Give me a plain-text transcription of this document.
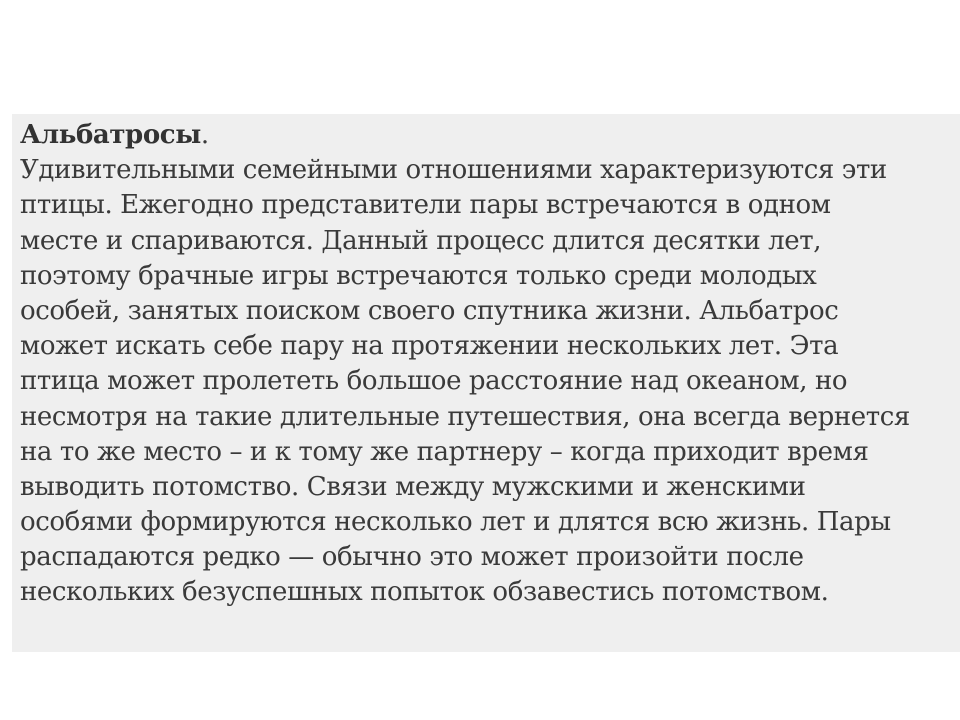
Альбатросы.
Удивительными семейными отношениями характеризуются эти
птицы. Ежегодно представители пары встречаются в одном
месте и спариваются. Данный процесс длится десятки лет,
поэтому брачные игры встречаются только среди молодых
особей, занятых поиском своего спутника жизни. Альбатрос
может искать себе пару на протяжении нескольких лет. Эта
птица может пролететь большое расстояние над океаном, но
несмотря на такие длительные путешествия, она всегда вернется
на то же место – и к тому же партнеру – когда приходит время
выводить потомство. Связи между мужскими и женскими
особями формируются несколько лет и длятся всю жизнь. Пары
распадаются редко — обычно это может произойти после
нескольких безуспешных попыток обзавестись потомством.
